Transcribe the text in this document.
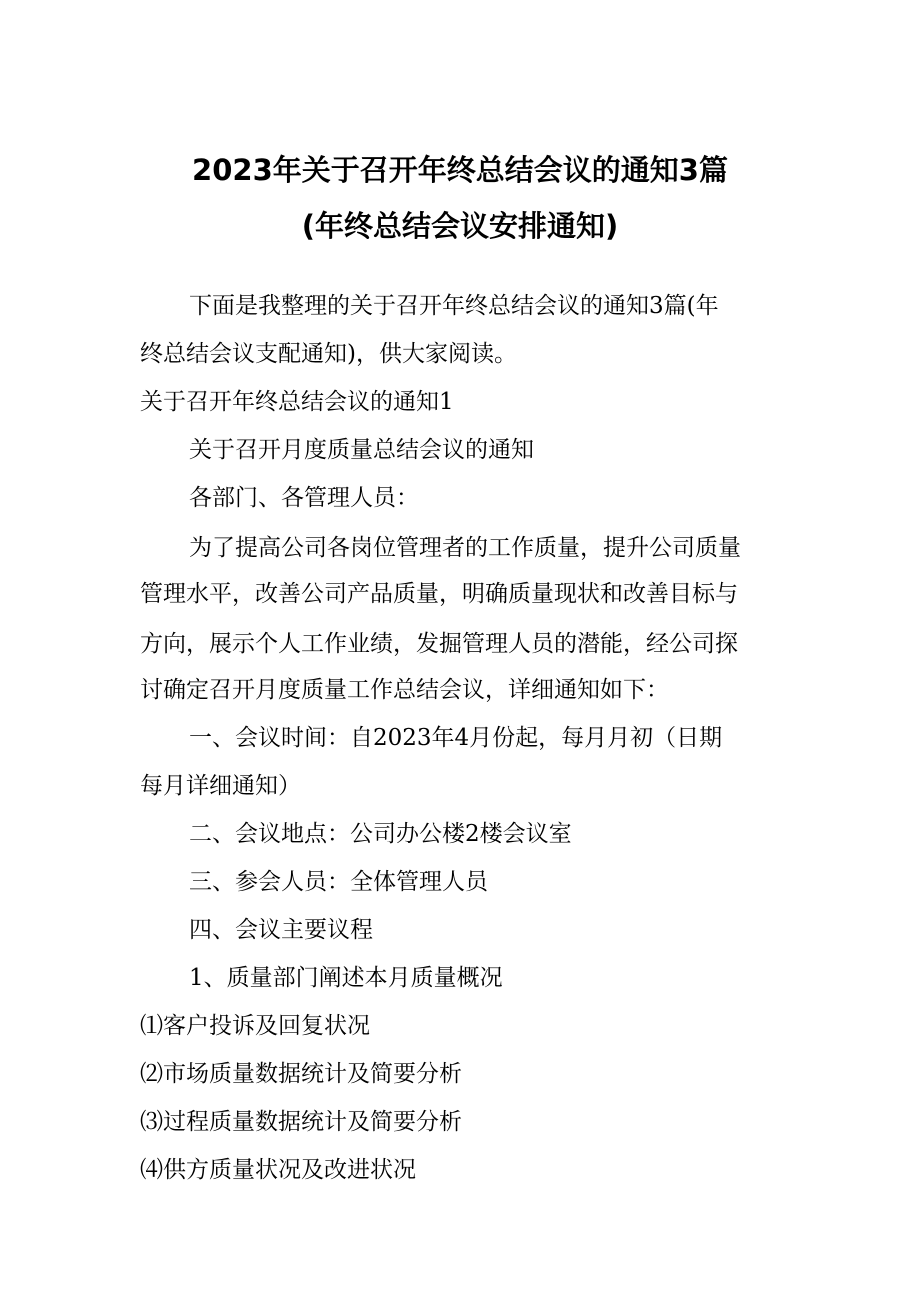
2023年关于召开年终总结会议的通知3篇
(年终总结会议安排通知)
下面是我整理的关于召开年终总结会议的通知3篇(年
终总结会议支配通知)，供大家阅读。
关于召开年终总结会议的通知1
关于召开月度质量总结会议的通知
各部门、各管理人员：
为了提高公司各岗位管理者的工作质量，提升公司质量
管理水平，改善公司产品质量，明确质量现状和改善目标与
方向，展示个人工作业绩，发掘管理人员的潜能，经公司探
讨确定召开月度质量工作总结会议，详细通知如下：
一、会议时间：自2023年4月份起，每月月初（日期
每月详细通知）
二、会议地点：公司办公楼2楼会议室
三、参会人员：全体管理人员
四、会议主要议程
1、质量部门阐述本月质量概况
⑴客户投诉及回复状况
⑵市场质量数据统计及简要分析
⑶过程质量数据统计及简要分析
⑷供方质量状况及改进状况
